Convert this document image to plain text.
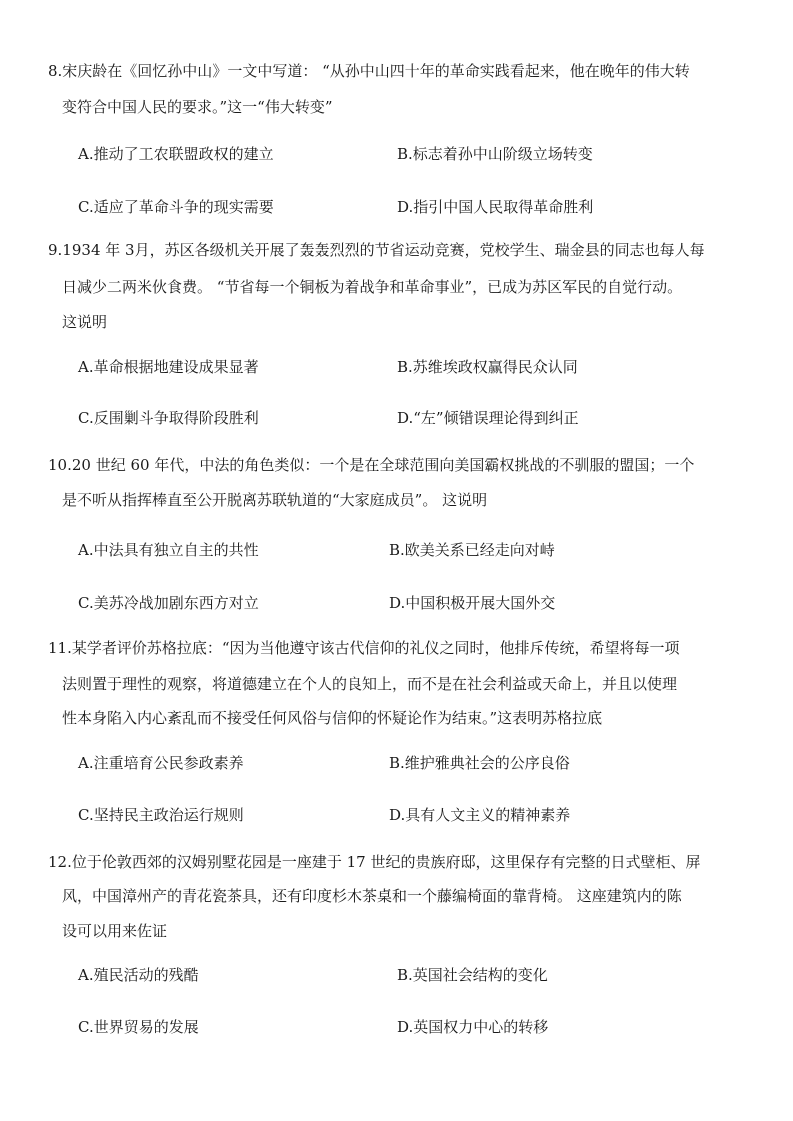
8.宋庆龄在《回忆孙中山》一文中写道： “从孙中山四十年的革命实践看起来，他在晚年的伟大转
变符合中国人民的要求。”这一“伟大转变”
A.推动了工农联盟政权的建立	B.标志着孙中山阶级立场转变
C.适应了革命斗争的现实需要	D.指引中国人民取得革命胜利
9.1934 年 3月，苏区各级机关开展了轰轰烈烈的节省运动竞赛，党校学生、瑞金县的同志也每人每
日减少二两米伙食费。 “节省每一个铜板为着战争和革命事业”，已成为苏区军民的自觉行动。
这说明
A.革命根据地建设成果显著	B.苏维埃政权赢得民众认同
C.反围剿斗争取得阶段胜利	D.“左”倾错误理论得到纠正
10.20 世纪 60 年代，中法的角色类似：一个是在全球范围向美国霸权挑战的不驯服的盟国；一个
是不听从指挥棒直至公开脱离苏联轨道的“大家庭成员”。 这说明
A.中法具有独立自主的共性	B.欧美关系已经走向对峙
C.美苏冷战加剧东西方对立	D.中国积极开展大国外交
11.某学者评价苏格拉底：“因为当他遵守该古代信仰的礼仪之同时，他排斥传统，希望将每一项
法则置于理性的观察，将道德建立在个人的良知上，而不是在社会利益或天命上，并且以使理
性本身陷入内心紊乱而不接受任何风俗与信仰的怀疑论作为结束。”这表明苏格拉底
A.注重培育公民参政素养	B.维护雅典社会的公序良俗
C.坚持民主政治运行规则	D.具有人文主义的精神素养
12.位于伦敦西郊的汉姆别墅花园是一座建于 17 世纪的贵族府邸，这里保存有完整的日式壁柜、屏
风，中国漳州产的青花瓷茶具，还有印度杉木茶桌和一个藤编椅面的靠背椅。 这座建筑内的陈
设可以用来佐证
A.殖民活动的残酷	B.英国社会结构的变化
C.世界贸易的发展	D.英国权力中心的转移
